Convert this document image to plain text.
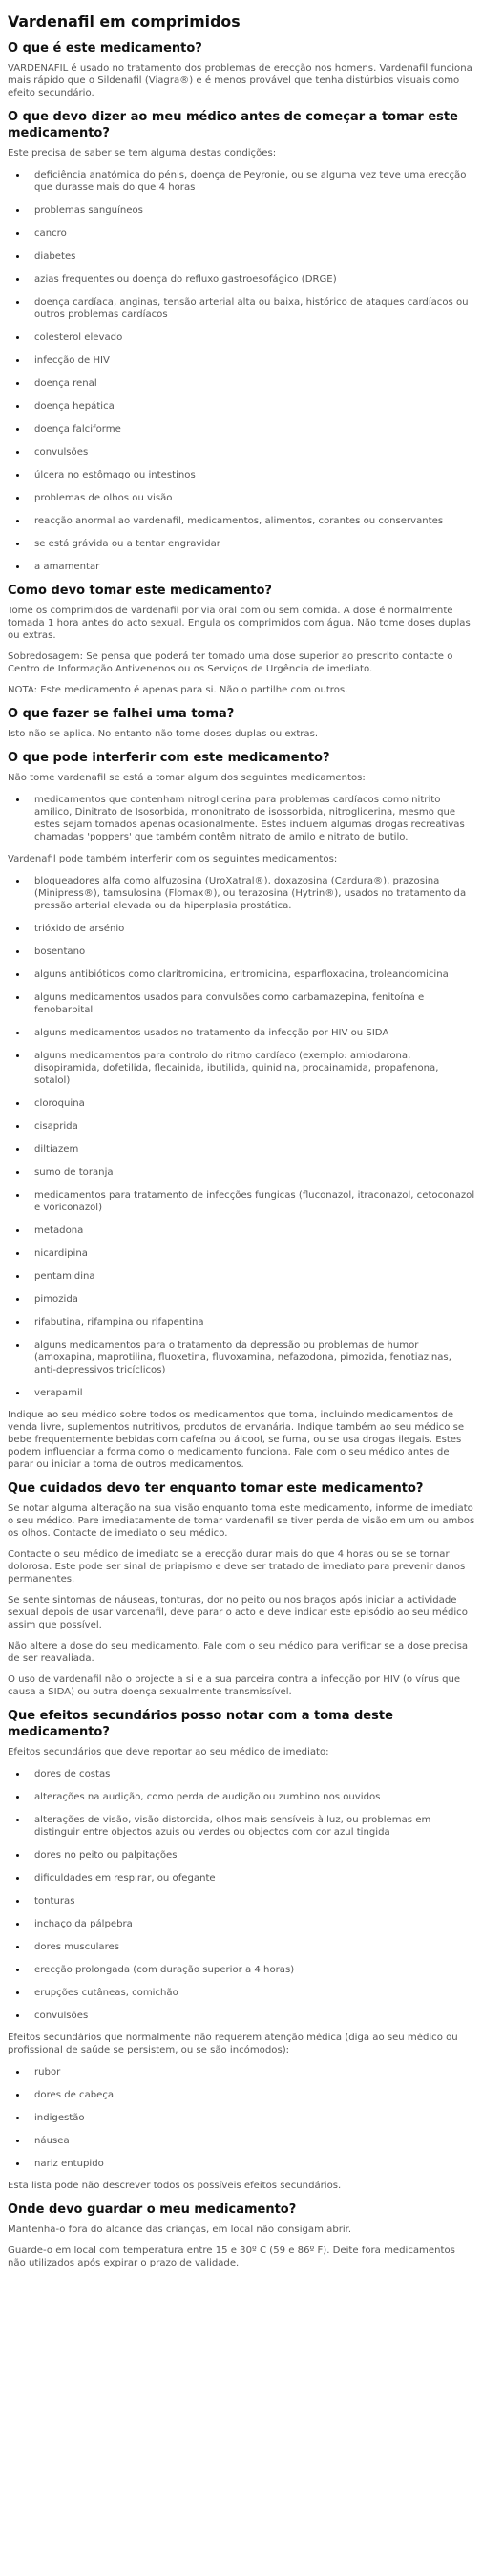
Vardenafil em comprimidos
O que é este medicamento?

VARDENAFIL é usado no tratamento dos problemas de erecção nos homens. Vardenafil funciona mais rápido que o Sildenafil (Viagra®) e é menos provável que tenha distúrbios visuais como efeito secundário.

O que devo dizer ao meu médico antes de começar a tomar este medicamento?

Este precisa de saber se tem alguma destas condições:

• deficiência anatómica do pénis, doença de Peyronie, ou se alguma vez teve uma erecção que durasse mais do que 4 horas
• problemas sanguíneos
• cancro
• diabetes
• azias frequentes ou doença do refluxo gastroesofágico (DRGE)
• doença cardíaca, anginas, tensão arterial alta ou baixa, histórico de ataques cardíacos ou outros problemas cardíacos
• colesterol elevado
• infecção de HIV
• doença renal
• doença hepática
• doença falciforme
• convulsões
• úlcera no estômago ou intestinos
• problemas de olhos ou visão
• reacção anormal ao vardenafil, medicamentos, alimentos, corantes ou conservantes
• se está grávida ou a tentar engravidar
• a amamentar
Como devo tomar este medicamento?

Tome os comprimidos de vardenafil por via oral com ou sem comida. A dose é normalmente tomada 1 hora antes do acto sexual. Engula os comprimidos com água. Não tome doses duplas ou extras.

Sobredosagem: Se pensa que poderá ter tomado uma dose superior ao prescrito contacte o Centro de Informação Antivenenos ou os Serviços de Urgência de imediato.

NOTA: Este medicamento é apenas para si. Não o partilhe com outros.

O que fazer se falhei uma toma?

Isto não se aplica. No entanto não tome doses duplas ou extras.

O que pode interferir com este medicamento?

Não tome vardenafil se está a tomar algum dos seguintes medicamentos:

• medicamentos que contenham nitroglicerina para problemas cardíacos como nitrito amílico, Dinitrato de Isosorbida, mononitrato de isossorbida, nitroglicerina, mesmo que estes sejam tomados apenas ocasionalmente. Estes incluem algumas drogas recreativas chamadas 'poppers' que também contêm nitrato de amilo e nitrato de butilo.

Vardenafil pode também interferir com os seguintes medicamentos:

• bloqueadores alfa como alfuzosina (UroXatral®), doxazosina (Cardura®), prazosina (Minipress®), tamsulosina (Flomax®), ou terazosina (Hytrin®), usados no tratamento da pressão arterial elevada ou da hiperplasia prostática.
• trióxido de arsénio
• bosentano
• alguns antibióticos como claritromicina, eritromicina, esparfloxacina, troleandomicina
• alguns medicamentos usados para convulsões como carbamazepina, fenitoína e fenobarbital
• alguns medicamentos usados no tratamento da infecção por HIV ou SIDA
• alguns medicamentos para controlo do ritmo cardíaco (exemplo: amiodarona, disopiramida, dofetilida, flecainida, ibutilida, quinidina, procainamida, propafenona, sotalol)
• cloroquina
• cisaprida
• diltiazem
• sumo de toranja
• medicamentos para tratamento de infecções fungicas (fluconazol, itraconazol, cetoconazol e voriconazol)
• metadona
• nicardipina
• pentamidina
• pimozida
• rifabutina, rifampina ou rifapentina
• alguns medicamentos para o tratamento da depressão ou problemas de humor (amoxapina, maprotilina, fluoxetina, fluvoxamina, nefazodona, pimozida, fenotiazinas, anti-depressivos tricíclicos)
• verapamil

Indique ao seu médico sobre todos os medicamentos que toma, incluindo medicamentos de venda livre, suplementos nutritivos, produtos de ervanária. Indique também ao seu médico se bebe frequentemente bebidas com cafeína ou álcool, se fuma, ou se usa drogas ilegais. Estes podem influenciar a forma como o medicamento funciona. Fale com o seu médico antes de parar ou iniciar a toma de outros medicamentos.

Que cuidados devo ter enquanto tomar este medicamento?

Se notar alguma alteração na sua visão enquanto toma este medicamento, informe de imediato o seu médico. Pare imediatamente de tomar vardenafil se tiver perda de visão em um ou ambos os olhos. Contacte de imediato o seu médico.

Contacte o seu médico de imediato se a erecção durar mais do que 4 horas ou se se tornar dolorosa. Este pode ser sinal de priapismo e deve ser tratado de imediato para prevenir danos permanentes.

Se sente sintomas de náuseas, tonturas, dor no peito ou nos braços após iniciar a actividade sexual depois de usar vardenafil, deve parar o acto e deve indicar este episódio ao seu médico assim que possível.

Não altere a dose do seu medicamento. Fale com o seu médico para verificar se a dose precisa de ser reavaliada.

O uso de vardenafil não o projecte a si e a sua parceira contra a infecção por HIV (o vírus que causa a SIDA) ou outra doença sexualmente transmissível.

Que efeitos secundários posso notar com a toma deste medicamento?

Efeitos secundários que deve reportar ao seu médico de imediato:

• dores de costas
• alterações na audição, como perda de audição ou zumbino nos ouvidos
• alterações de visão, visão distorcida, olhos mais sensíveis à luz, ou problemas em distinguir entre objectos azuis ou verdes ou objectos com cor azul tingida
• dores no peito ou palpitações
• dificuldades em respirar, ou ofegante
• tonturas
• inchaço da pálpebra
• dores musculares
• erecção prolongada (com duração superior a 4 horas)
• erupções cutâneas, comichão
• convulsões

Efeitos secundários que normalmente não requerem atenção médica (diga ao seu médico ou profissional de saúde se persistem, ou se são incómodos):

• rubor
• dores de cabeça
• indigestão
• náusea
• nariz entupido

Esta lista pode não descrever todos os possíveis efeitos secundários.

Onde devo guardar o meu medicamento?

Mantenha-o fora do alcance das crianças, em local não consigam abrir.

Guarde-o em local com temperatura entre 15 e 30º C (59 e 86º F). Deite fora medicamentos não utilizados após expirar o prazo de validade.
